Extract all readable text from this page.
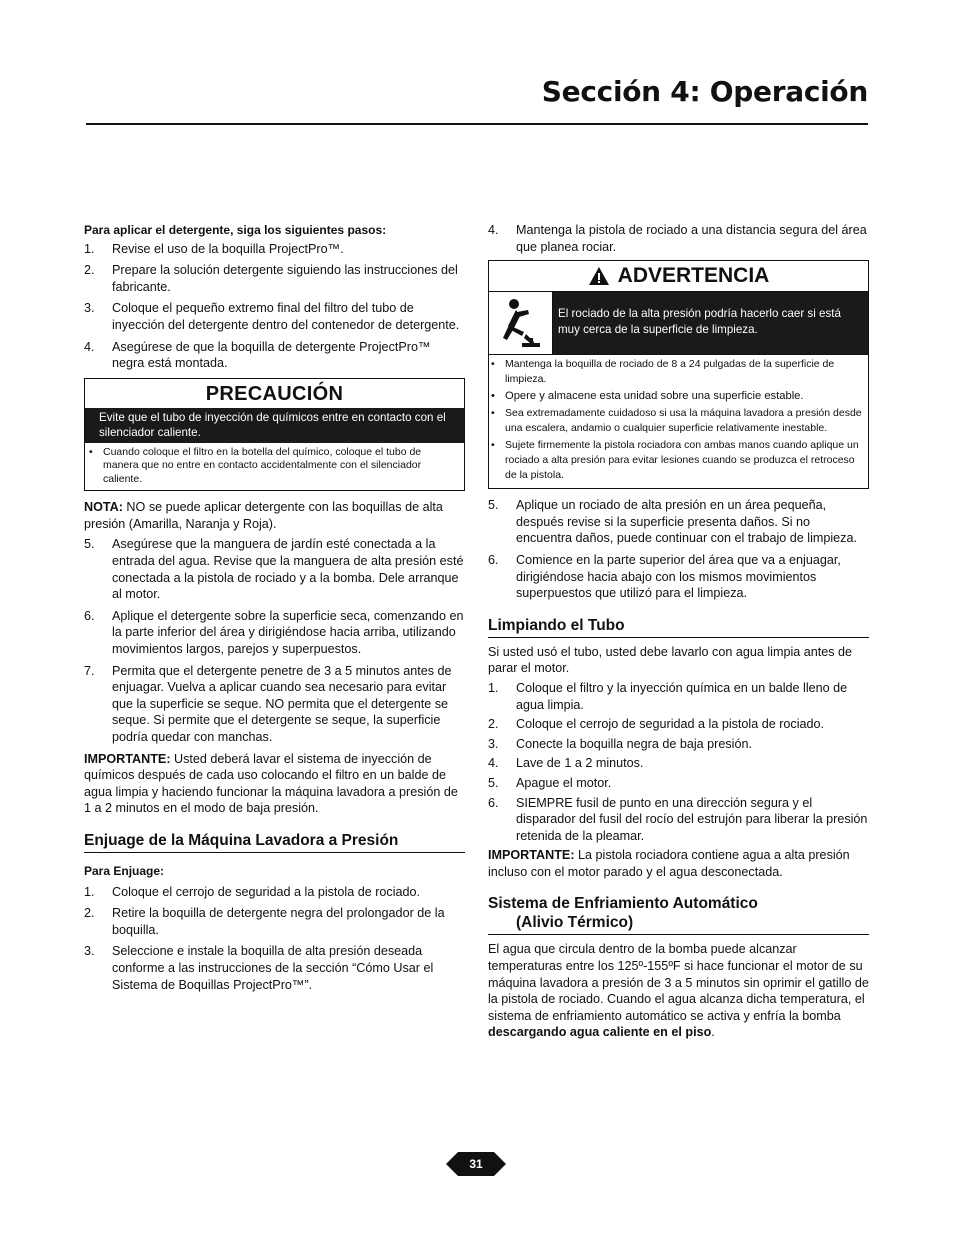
Sección 4: Operación

Para aplicar el detergente, siga los siguientes pasos:

1.	Revise el uso de la boquilla ProjectPro™.
2.	Prepare la solución detergente siguiendo las instrucciones del fabricante.
3.	Coloque el pequeño extremo final del filtro del tubo de inyección del detergente dentro del contenedor de detergente.
4.	Asegúrese de que la boquilla de detergente ProjectPro™ negra está montada.
PRECAUCIÓN
Evite que el tubo de inyección de químicos entre en contacto con el silenciador caliente.
• Cuando coloque el filtro en la botella del químico, coloque el tubo de manera que no entre en contacto accidentalmente con el silenciador caliente.

NOTA: NO se puede aplicar detergente con las boquillas de alta presión (Amarilla, Naranja y Roja).

5.	Asegúrese que la manguera de jardín esté conectada a la entrada del agua. Revise que la manguera de alta presión esté conectada a la pistola de rociado y a la bomba. Dele arranque al motor.
6.	Aplique el detergente sobre la superficie seca, comenzando en la parte inferior del área y dirigiéndose hacia arriba, utilizando movimientos largos, parejos y superpuestos.
7.	Permita que el detergente penetre de 3 a 5 minutos antes de enjuagar. Vuelva a aplicar cuando sea necesario para evitar que la superficie se seque. NO permita que el detergente se seque. Si permite que el detergente se seque, la superficie podría quedar con manchas.

IMPORTANTE: Usted deberá lavar el sistema de inyección de químicos después de cada uso colocando el filtro en un balde de agua limpia y haciendo funcionar la máquina lavadora a presión de 1 a 2 minutos en el modo de baja presión.

Enjuage de la Máquina Lavadora a Presión

Para Enjuage:

1.	Coloque el cerrojo de seguridad a la pistola de rociado.
2.	Retire la boquilla de detergente negra del prolongador de la boquilla.
3.	Seleccione e instale la boquilla de alta presión deseada conforme a las instrucciones de la sección “Cómo Usar el Sistema de Boquillas ProjectPro™”.
4.	Mantenga la pistola de rociado a una distancia segura del área que planea rociar.
ADVERTENCIA
El rociado de la alta presión podría hacerlo caer si está muy cerca de la superficie de limpieza.
• Mantenga la boquilla de rociado de 8 a 24 pulgadas de la superficie de limpieza.
• Opere y almacene esta unidad sobre una superficie estable.
• Sea extremadamente cuidadoso si usa la máquina lavadora a presión desde una escalera, andamio o cualquier superficie relativamente inestable.
• Sujete firmemente la pistola rociadora con ambas manos cuando aplique un rociado a alta presión para evitar lesiones cuando se produzca el retroceso de la pistola.
5.	Aplique un rociado de alta presión en un área pequeña, después revise si la superficie presenta daños. Si no encuentra daños, puede continuar con el trabajo de limpieza.
6.	Comience en la parte superior del área que va a enjuagar, dirigiéndose hacia abajo con los mismos movimientos superpuestos que utilizó para el limpieza.
Limpiando el Tubo

Si usted usó el tubo, usted debe lavarlo con agua limpia antes de parar el motor.

1.	Coloque el filtro y la inyección química en un balde lleno de agua limpia.
2.	Coloque el cerrojo de seguridad a la pistola de rociado.
3.	Conecte la boquilla negra de baja presión.
4.	Lave de 1 a 2 minutos.
5.	Apague el motor.
6.	SIEMPRE fusil de punto en una dirección segura y el disparador del fusil del rocío del estrujón para liberar la presión retenida de la pleamar.

IMPORTANTE: La pistola rociadora contiene agua a alta presión incluso con el motor parado y el agua desconectada.

Sistema de Enfriamiento Automático
(Alivio Térmico)

El agua que circula dentro de la bomba puede alcanzar temperaturas entre los 125º-155ºF si hace funcionar el motor de su máquina lavadora a presión de 3 a 5 minutos sin oprimir el gatillo de la pistola de rociado. Cuando el agua alcanza dicha temperatura, el sistema de enfriamiento automático se activa y enfría la bomba descargando agua caliente en el piso.

31
